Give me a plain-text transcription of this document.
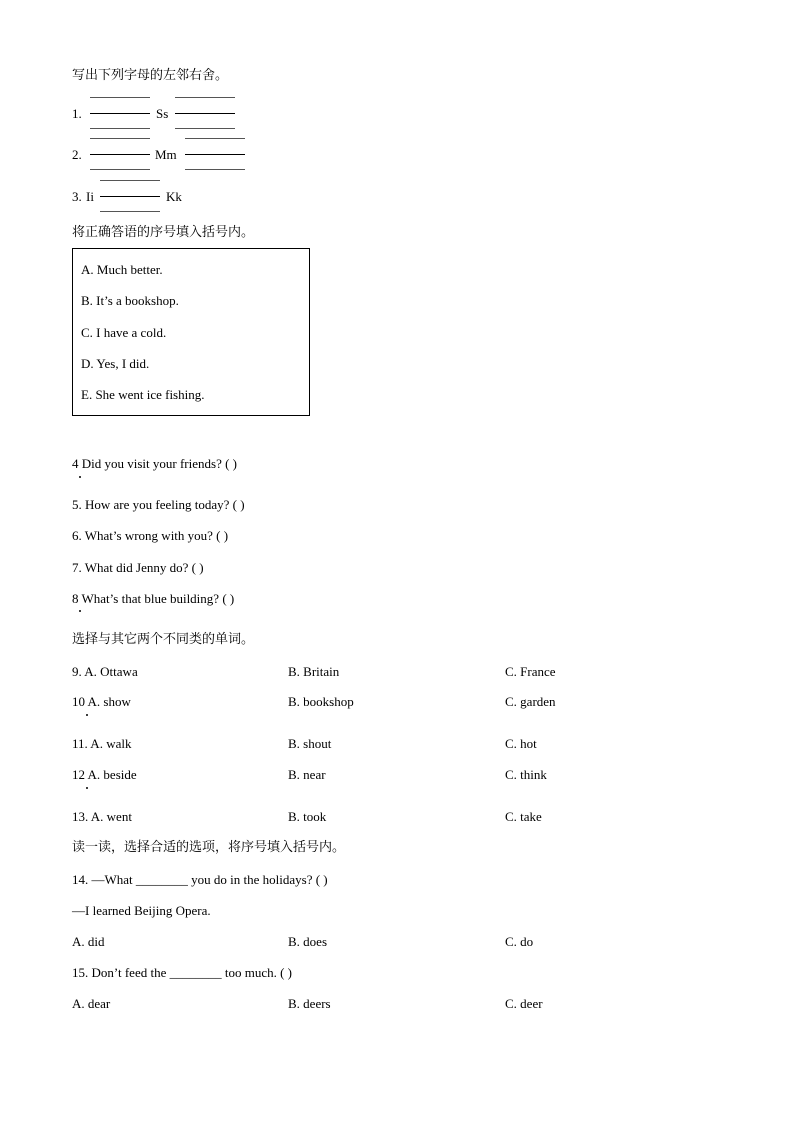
写出下列字母的左邻右舍。
1.	Ss
2.	Mm
3. Ii	Kk
将正确答语的序号填入括号内。
A. Much better.
B. It’s a bookshop.
C. I have a cold.
D. Yes, I did.
E. She went ice fishing.
4 Did you visit your friends? ( )
5. How are you feeling today? ( )
6. What’s wrong with you? ( )
7. What did Jenny do? ( )
8 What’s that blue building? ( )
选择与其它两个不同类的单词。
9. A. Ottawa	B. Britain	C. France
10 A. show	B. bookshop	C. garden
11. A. walk	B. shout	C. hot
12 A. beside	B. near	C. think
13. A. went	B. took	C. take
读一读，选择合适的选项，将序号填入括号内。
14. —What ________ you do in the holidays? ( )
—I learned Beijing Opera.
A. did	B. does	C. do
15. Don’t feed the ________ too much. ( )
A. dear	B. deers	C. deer
